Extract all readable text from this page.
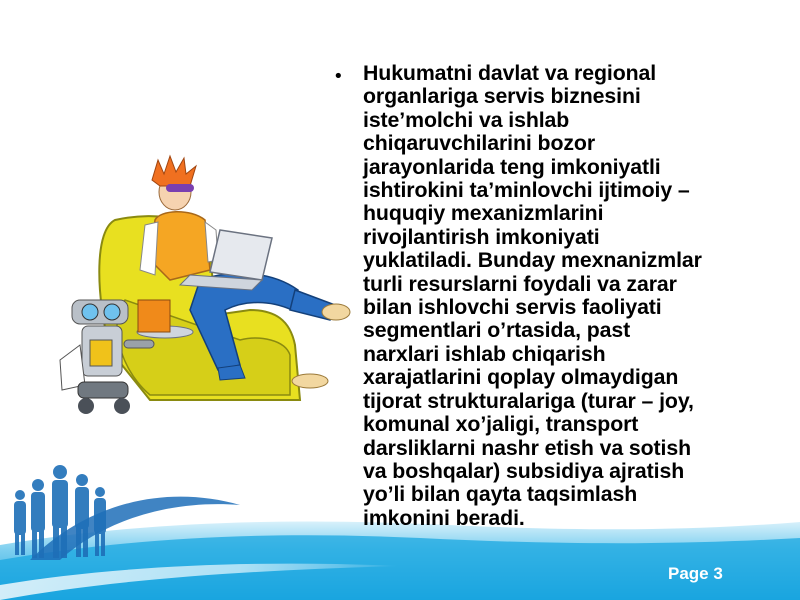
• Hukumatni davlat va regional
organlariga servis biznesini
iste’molchi va ishlab
chiqaruvchilarini bozor
jarayonlarida teng imkoniyatli
ishtirokini ta’minlovchi ijtimoiy –
huquqiy mexanizmlarini
rivojlantirish imkoniyati
yuklatiladi. Bunday mexnanizmlar
turli resurslarni foydali va zarar
bilan ishlovchi servis faoliyati
segmentlari o’rtasida, past
narxlari ishlab chiqarish
xarajatlarini qoplay olmaydigan
tijorat strukturalariga (turar – joy,
komunal xo’jaligi, transport
darsliklarni nashr etish va sotish
va boshqalar) subsidiya ajratish
yo’li bilan qayta taqsimlash
imkonini beradi.
Page 3
